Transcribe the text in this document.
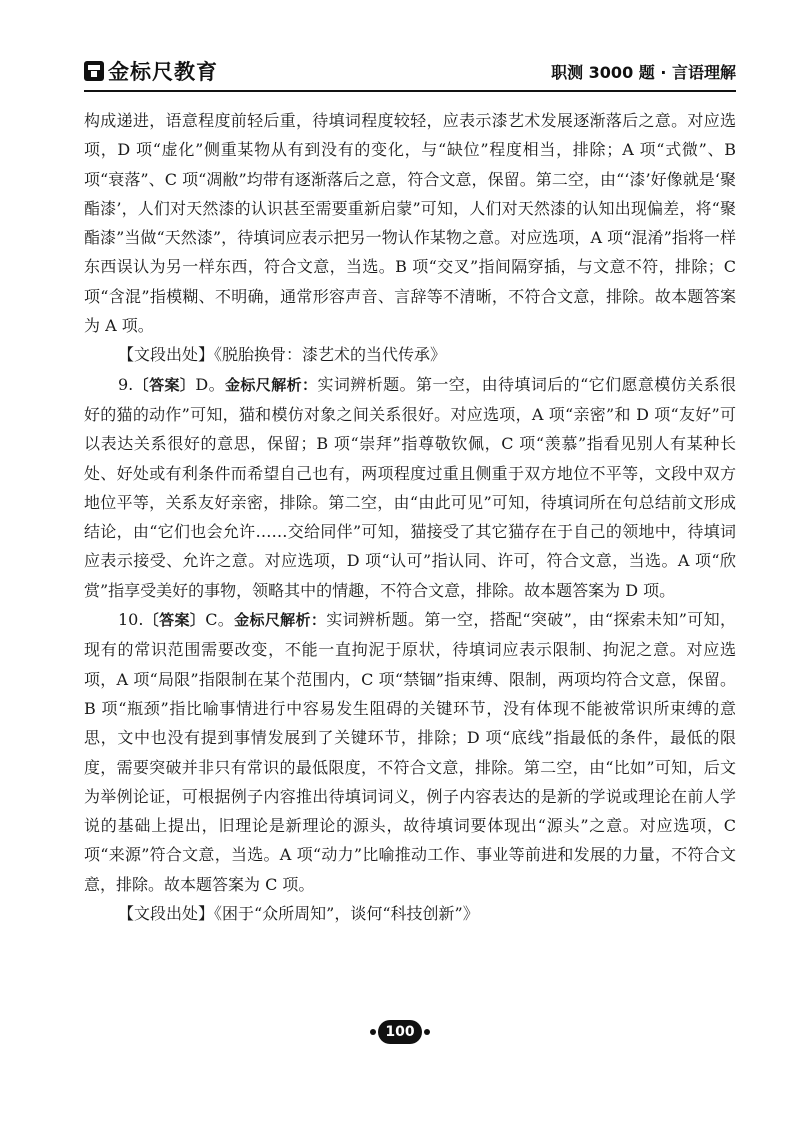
金标尺教育	职测 3000 题 · 言语理解

构成递进，语意程度前轻后重，待填词程度较轻，应表示漆艺术发展逐渐落后之意。对应选项，D 项“虚化”侧重某物从有到没有的变化，与“缺位”程度相当，排除；A 项“式微”、B 项“衰落”、C 项“凋敝”均带有逐渐落后之意，符合文意，保留。第二空，由“‘漆’好像就是‘聚酯漆’，人们对天然漆的认识甚至需要重新启蒙”可知，人们对天然漆的认知出现偏差，将“聚酯漆”当做“天然漆”，待填词应表示把另一物认作某物之意。对应选项，A 项“混淆”指将一样东西误认为另一样东西，符合文意，当选。B 项“交叉”指间隔穿插，与文意不符，排除；C 项“含混”指模糊、不明确，通常形容声音、言辞等不清晰，不符合文意，排除。故本题答案为 A 项。

【文段出处】《脱胎换骨：漆艺术的当代传承》

9.〔答案〕D。金标尺解析：实词辨析题。第一空，由待填词后的“它们愿意模仿关系很好的猫的动作”可知，猫和模仿对象之间关系很好。对应选项，A 项“亲密”和 D 项“友好”可以表达关系很好的意思，保留；B 项“崇拜”指尊敬钦佩，C 项“羡慕”指看见别人有某种长处、好处或有利条件而希望自己也有，两项程度过重且侧重于双方地位不平等，文段中双方地位平等，关系友好亲密，排除。第二空，由“由此可见”可知，待填词所在句总结前文形成结论，由“它们也会允许……交给同伴”可知，猫接受了其它猫存在于自己的领地中，待填词应表示接受、允许之意。对应选项，D 项“认可”指认同、许可，符合文意，当选。A 项“欣赏”指享受美好的事物，领略其中的情趣，不符合文意，排除。故本题答案为 D 项。

10.〔答案〕C。金标尺解析：实词辨析题。第一空，搭配“突破”，由“探索未知”可知，现有的常识范围需要改变，不能一直拘泥于原状，待填词应表示限制、拘泥之意。对应选项，A 项“局限”指限制在某个范围内，C 项“禁锢”指束缚、限制，两项均符合文意，保留。B 项“瓶颈”指比喻事情进行中容易发生阻碍的关键环节，没有体现不能被常识所束缚的意思，文中也没有提到事情发展到了关键环节，排除；D 项“底线”指最低的条件，最低的限度，需要突破并非只有常识的最低限度，不符合文意，排除。第二空，由“比如”可知，后文为举例论证，可根据例子内容推出待填词词义，例子内容表达的是新的学说或理论在前人学说的基础上提出，旧理论是新理论的源头，故待填词要体现出“源头”之意。对应选项，C 项“来源”符合文意，当选。A 项“动力”比喻推动工作、事业等前进和发展的力量，不符合文意，排除。故本题答案为 C 项。

【文段出处】《困于“众所周知”，谈何“科技创新”》

100
